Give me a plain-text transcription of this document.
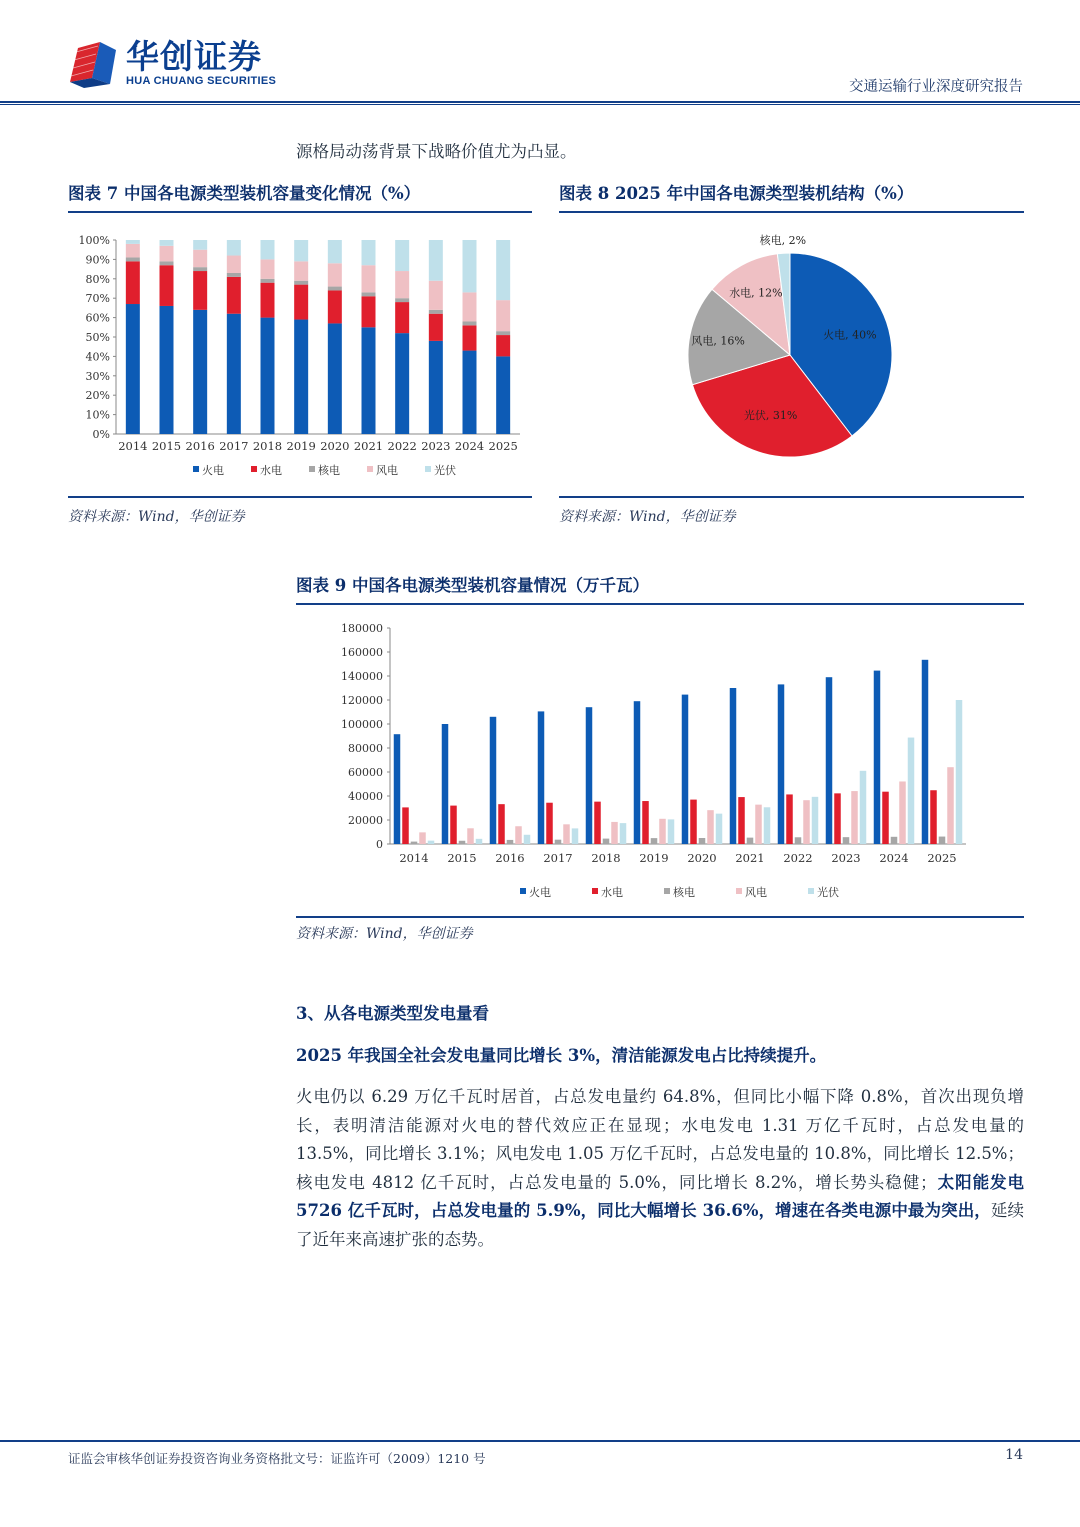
华创证券
HUA CHUANG SECURITIES	交通运输行业深度研究报告
源格局动荡背景下战略价值尤为凸显。
图表 7 中国各电源类型装机容量变化情况（%）
0%
10%
20%
30%
40%
50%
60%
70%
80%
90%
100%
2014 2015 2016 2017 2018 2019 2020 2021 2022 2023 2024 2025
火电	水电	核电	风电	光伏
资料来源：Wind，华创证券
图表 8 2025 年中国各电源类型装机结构（%）
火电, 40%
光伏, 31%
风电, 16%
水电, 12%
核电, 2%
资料来源：Wind，华创证券
图表 9 中国各电源类型装机容量情况（万千瓦）
0
20000
40000
60000
80000
100000
120000
140000
160000
180000
2014 2015 2016 2017 2018 2019 2020 2021 2022 2023 2024 2025
火电	水电	核电	风电	光伏
资料来源：Wind，华创证券
3、从各电源类型发电量看
2025 年我国全社会发电量同比增长 3%，清洁能源发电占比持续提升。
火电仍以 6.29 万亿千瓦时居首，占总发电量约 64.8%，但同比小幅下降 0.8%，首次出现负增长，表明清洁能源对火电的替代效应正在显现；水电发电 1.31 万亿千瓦时，占总发电量的 13.5%，同比增长 3.1%；风电发电 1.05 万亿千瓦时，占总发电量的 10.8%，同比增长 12.5%；核电发电 4812 亿千瓦时，占总发电量的 5.0%，同比增长 8.2%，增长势头稳健；太阳能发电 5726 亿千瓦时，占总发电量的 5.9%，同比大幅增长 36.6%，增速在各类电源中最为突出，延续了近年来高速扩张的态势。
证监会审核华创证券投资咨询业务资格批文号：证监许可（2009）1210 号	14
